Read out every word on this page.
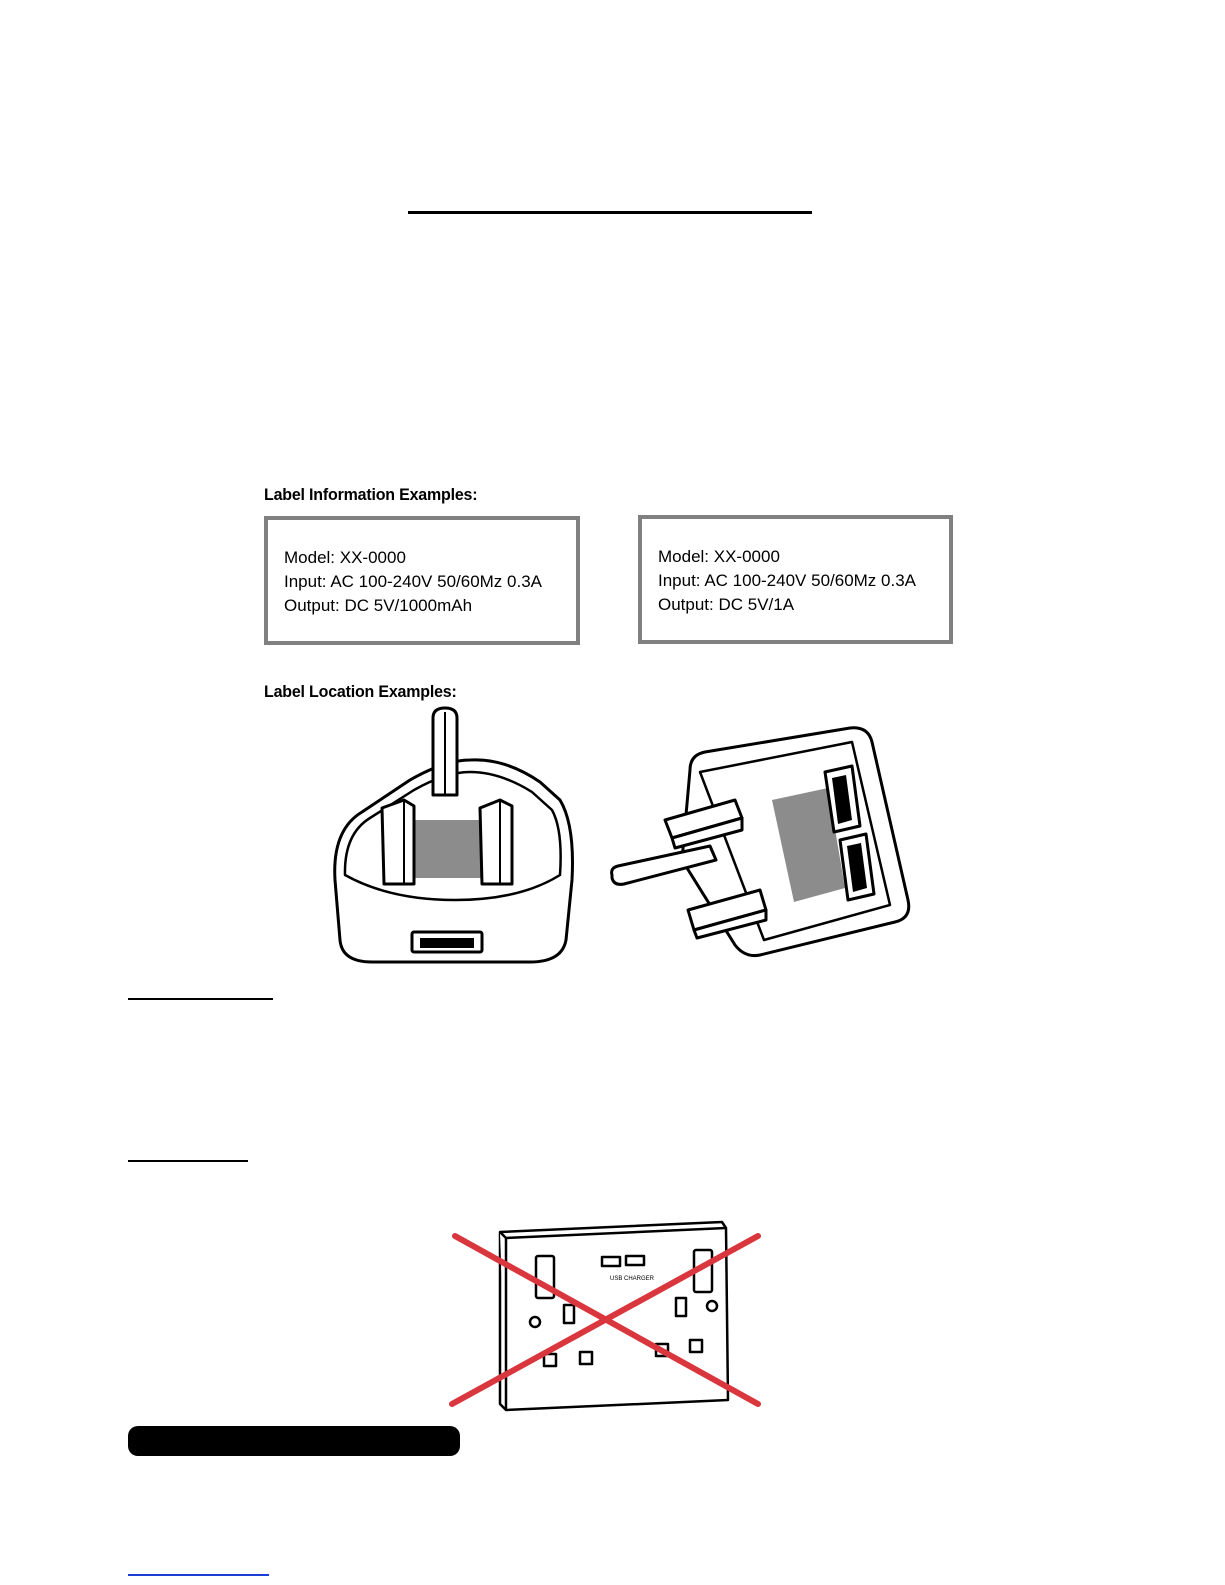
Label Information Examples:
Model: XX-0000
Input: AC 100-240V 50/60Mz 0.3A
Output: DC 5V/1000mAh
Model: XX-0000
Input: AC 100-240V 50/60Mz 0.3A
Output: DC 5V/1A
Label Location Examples:
USB CHARGER
